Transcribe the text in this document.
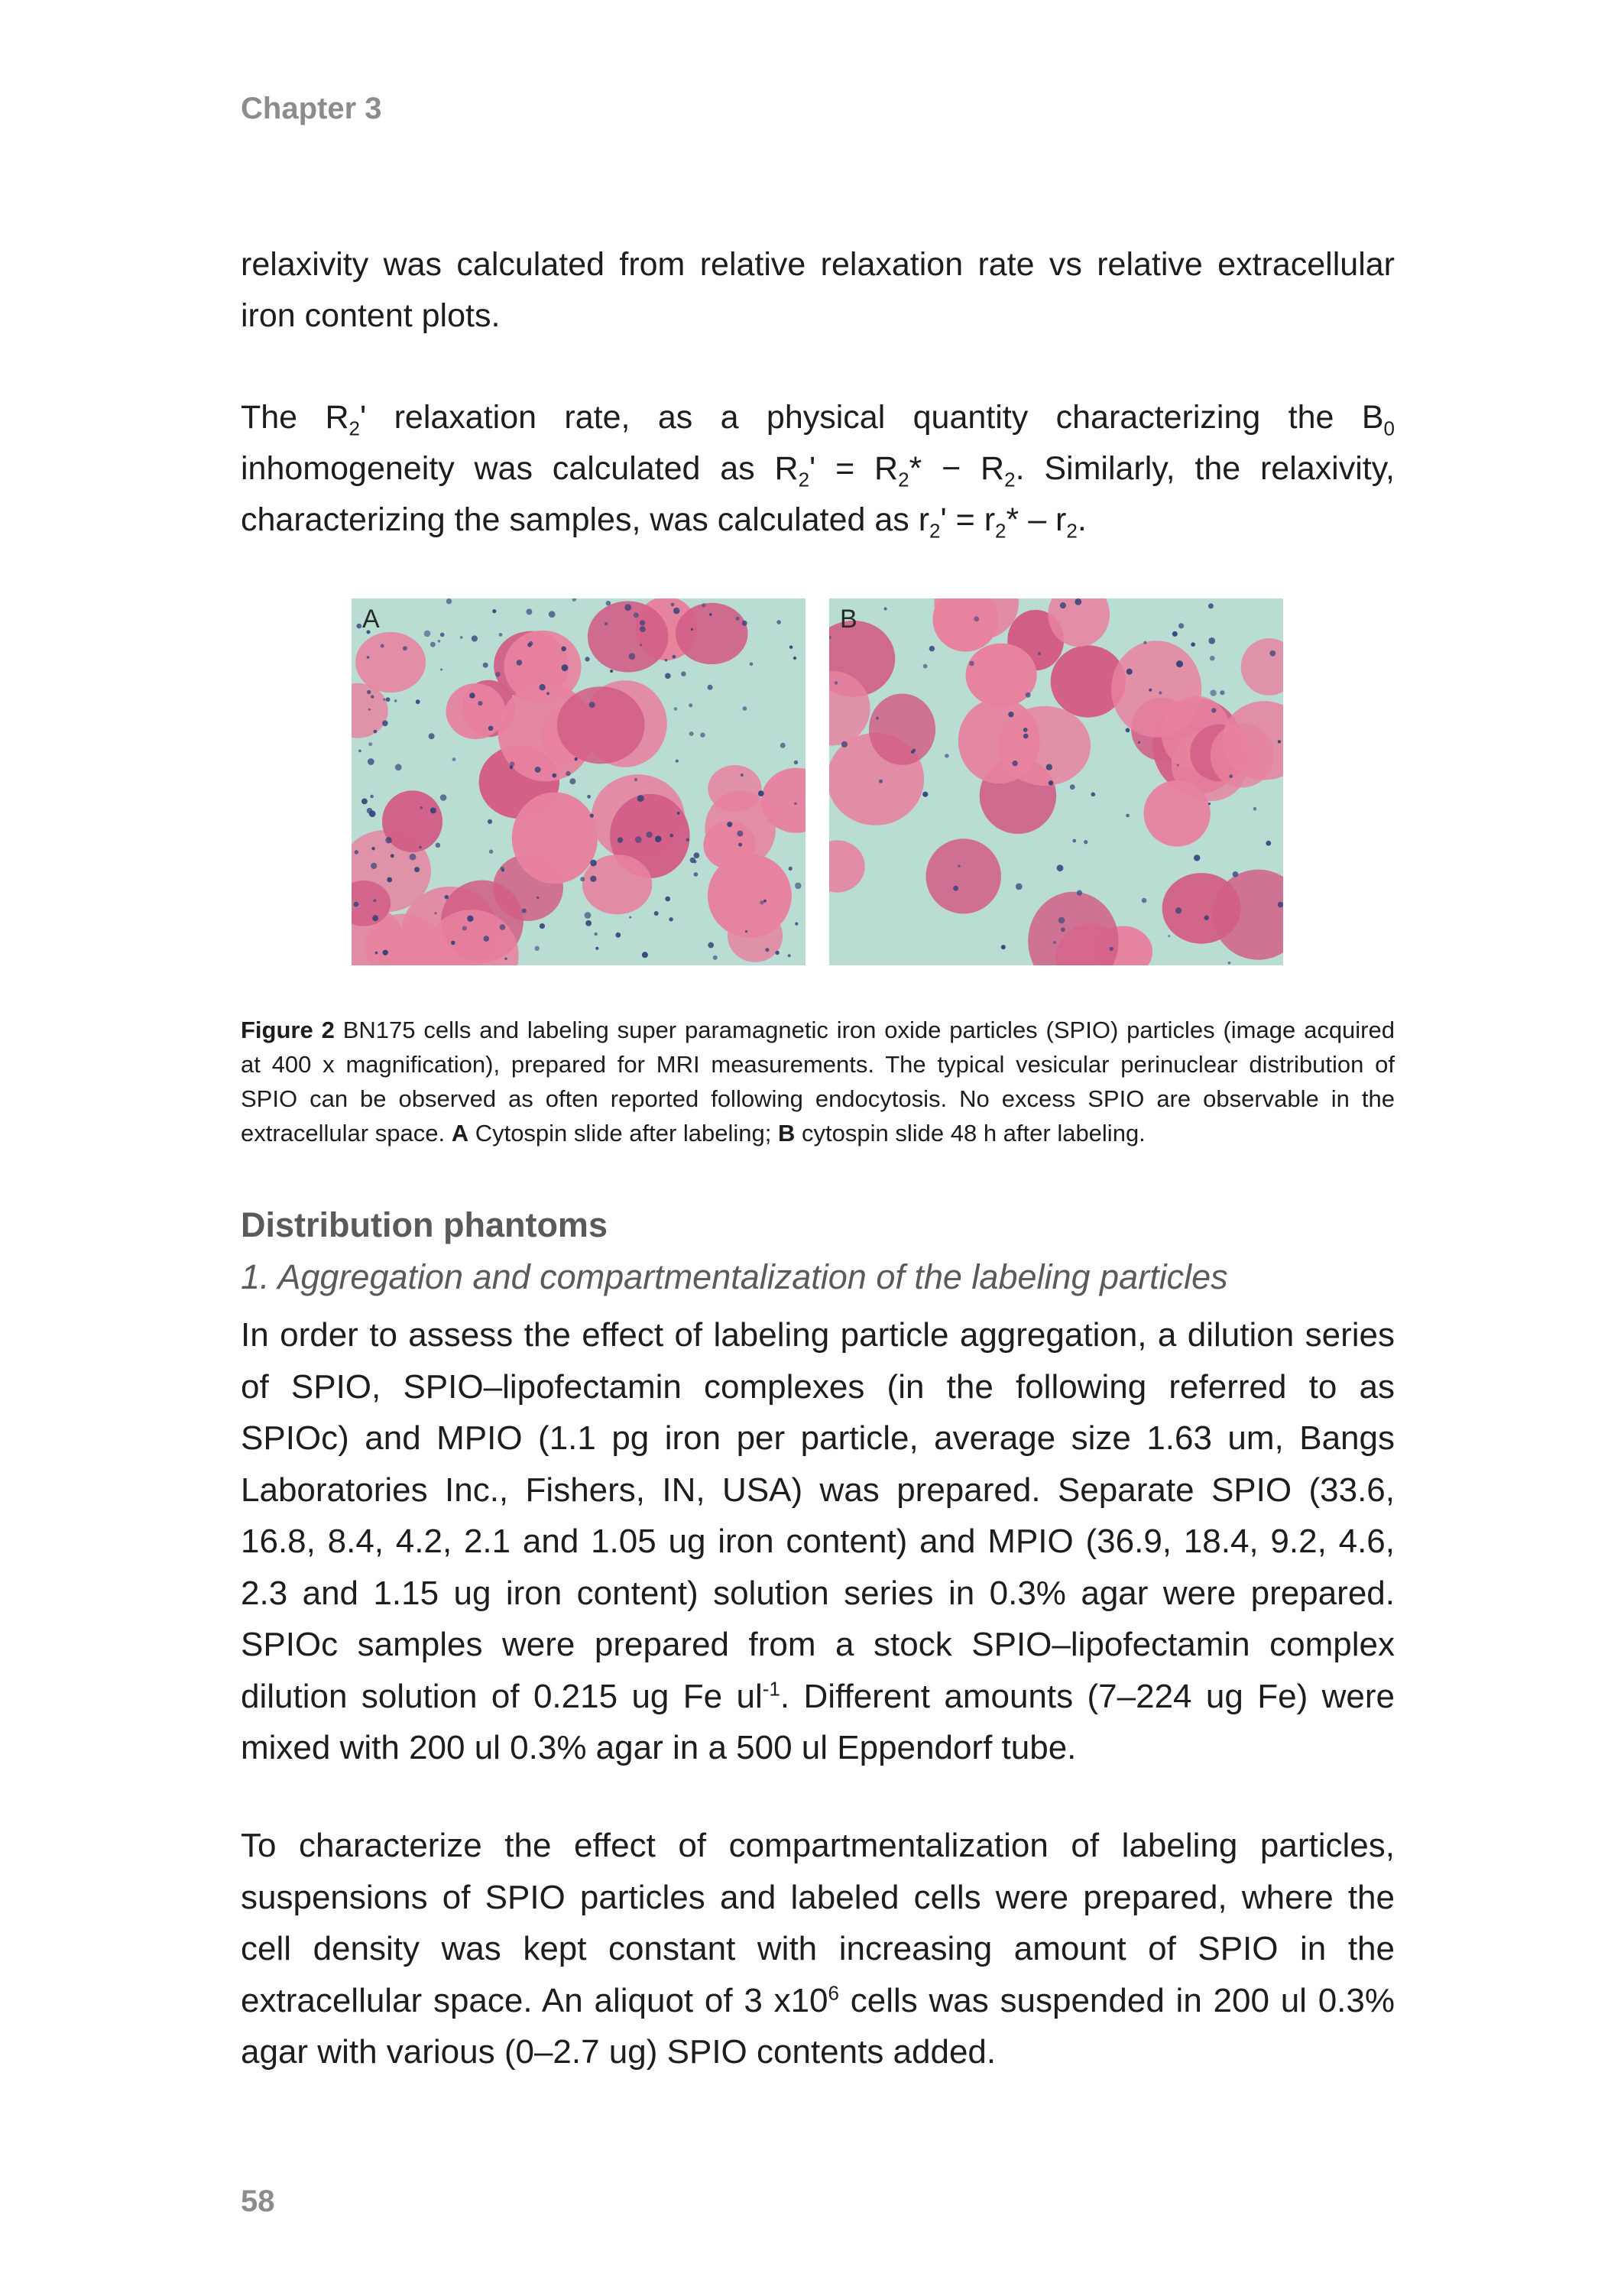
Chapter 3

relaxivity was calculated from relative relaxation rate vs relative extracellular iron content plots.

The $R_2'$ relaxation rate, as a physical quantity characterizing the $B_0$ inhomogeneity was calculated as $R_2' = R_2* - R_2$. Similarly, the relaxivity, characterizing the samples, was calculated as $r_2' = r_2* - r_2$.

A	B

Figure 2 BN175 cells and labeling super paramagnetic iron oxide particles (SPIO) particles (image acquired at 400 x magnification), prepared for MRI measurements. The typical vesicular perinuclear distribution of SPIO can be observed as often reported following endocytosis. No excess SPIO are observable in the extracellular space. A Cytospin slide after labeling; B cytospin slide 48 h after labeling.

Distribution phantoms
1. Aggregation and compartmentalization of the labeling particles

In order to assess the effect of labeling particle aggregation, a dilution series of SPIO, SPIO–lipofectamin complexes (in the following referred to as SPIOc) and MPIO (1.1 pg iron per particle, average size 1.63 um, Bangs Laboratories Inc., Fishers, IN, USA) was prepared. Separate SPIO (33.6, 16.8, 8.4, 4.2, 2.1 and 1.05 ug iron content) and MPIO (36.9, 18.4, 9.2, 4.6, 2.3 and 1.15 ug iron content) solution series in 0.3% agar were prepared. SPIOc samples were prepared from a stock SPIO–lipofectamin complex dilution solution of 0.215 ug Fe $ul^{-1}$. Different amounts (7–224 ug Fe) were mixed with 200 ul 0.3% agar in a 500 ul Eppendorf tube.

To characterize the effect of compartmentalization of labeling particles, suspensions of SPIO particles and labeled cells were prepared, where the cell density was kept constant with increasing amount of SPIO in the extracellular space. An aliquot of 3 $x10^6$ cells was suspended in 200 ul 0.3% agar with various (0–2.7 ug) SPIO contents added.

58
